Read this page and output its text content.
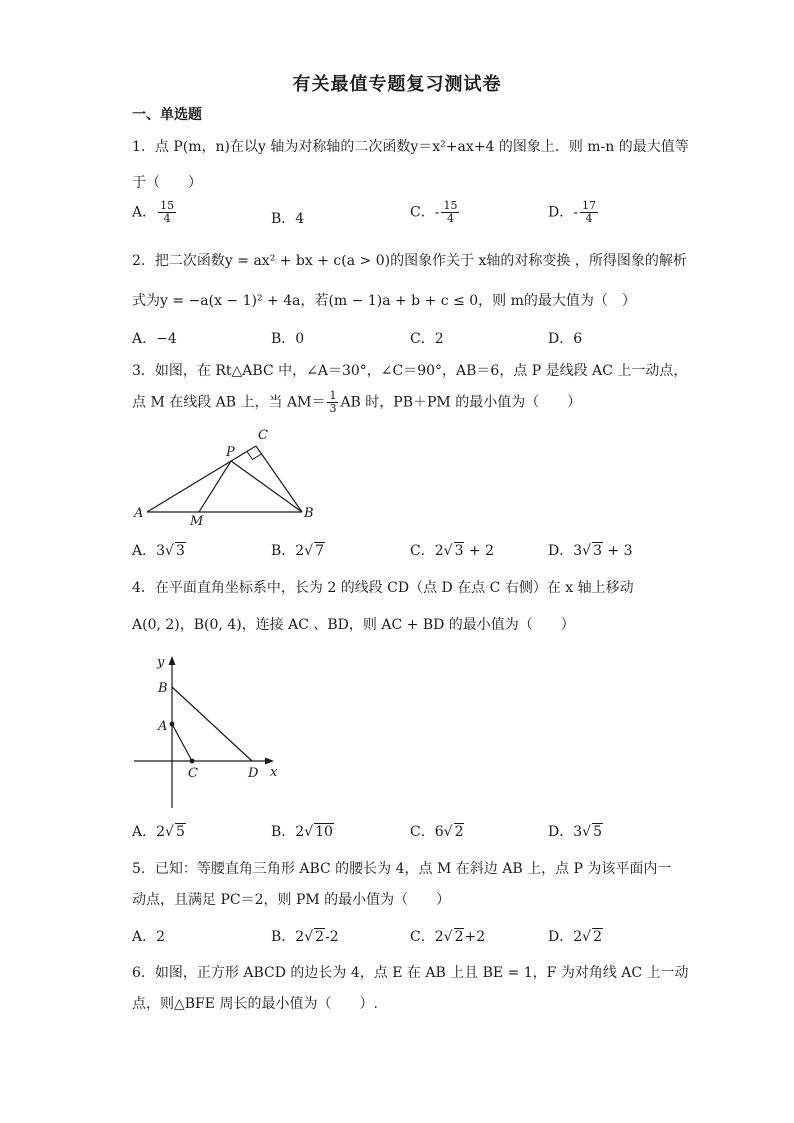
有关最值专题复习测试卷
一、单选题
1．点 P(m，n)在以y 轴为对称轴的二次函数y＝x²+ax+4 的图象上．则 m-n 的最大值等
于（　　）
A． $\frac{15}{4}$	B．4	C．- $\frac{15}{4}$	D．- $\frac{17}{4}$
2．把二次函数y = ax² + bx + c(a > 0)的图象作关于 x轴的对称变换 ，所得图象的解析
式为y = −a(x − 1)² + 4a，若(m − 1)a + b + c ≤ 0，则 m的最大值为（　）
A．−4	B．0	C．2	D．6
3．如图，在 Rt△ABC 中，∠A＝30°，∠C＝90°，AB＝6，点 P 是线段 AC 上一动点，
点 M 在线段 AB 上，当 $AM= \frac{1}{3}$ AB 时，PB＋PM 的最小值为（　　）
C
P
A	B
M
A．3√ 3	B．2√ 7	C．2√ 3 + 2	D．3√ 3 + 3
4．在平面直角坐标系中，长为 2 的线段 CD（点 D 在点 C 右侧）在 x 轴上移动
A(0, 2)，B(0, 4)，连接 AC 、BD，则 AC + BD 的最小值为（　　）
y
x
B
A
C	D
A．2√ 5	B．2√ 10	C．6√ 2	D．3√ 5
5．已知：等腰直角三角形 ABC 的腰长为 4，点 M 在斜边 AB 上，点 P 为该平面内一
动点，且满足 PC＝2，则 PM 的最小值为（　　）
A．2	B．2√ 2-2	C．2√ 2+2	D．2√ 2
6．如图，正方形 ABCD 的边长为 4，点 E 在 AB 上且 BE = 1，F 为对角线 AC 上一动
点，则△BFE 周长的最小值为（　　）.
